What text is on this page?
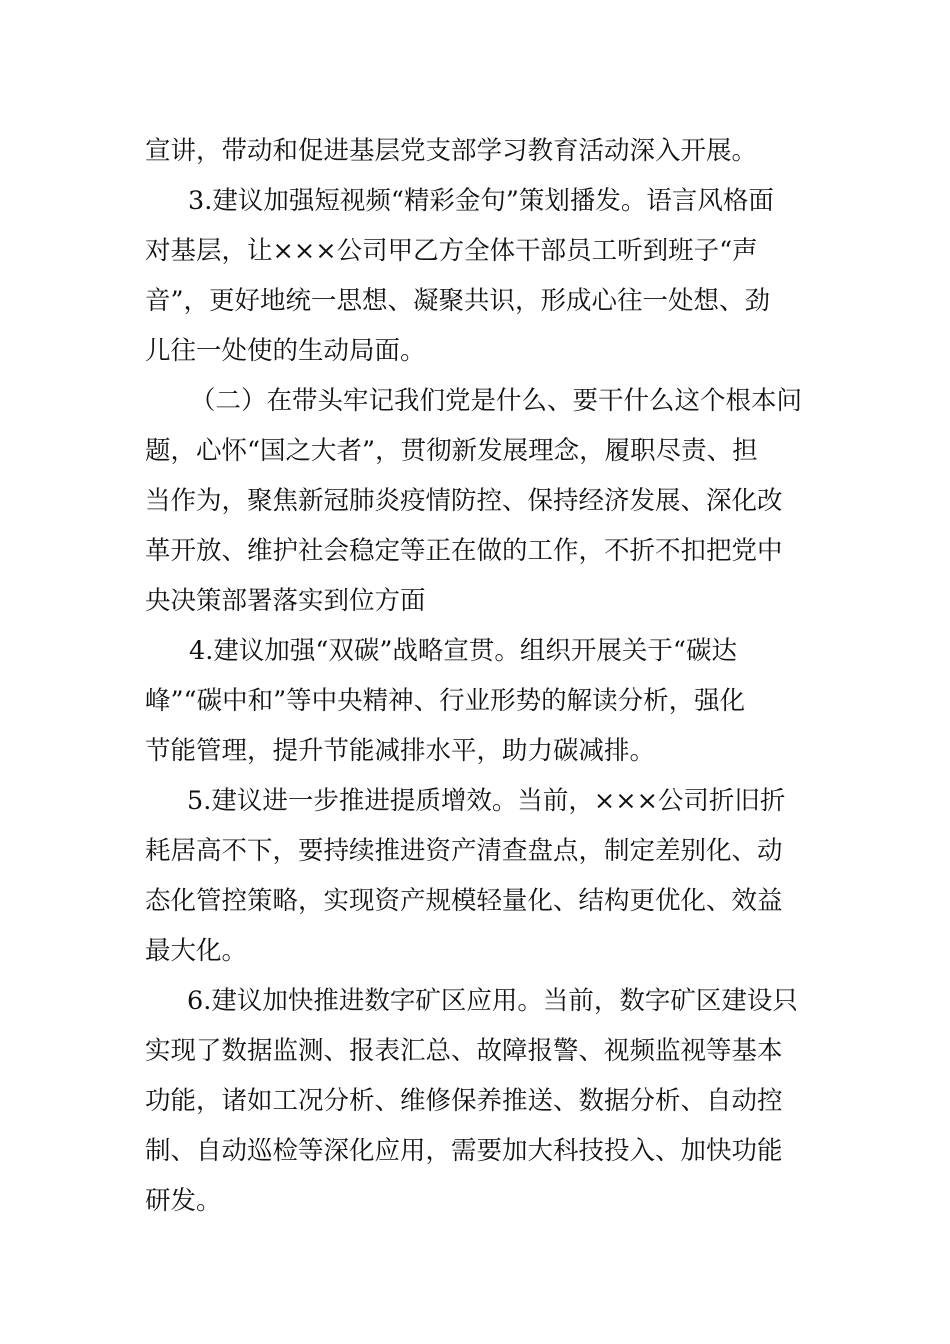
宣讲，带动和促进基层党支部学习教育活动深入开展。
3.建议加强短视频“精彩金句”策划播发。语言风格面
对基层，让×××公司甲乙方全体干部员工听到班子“声
音”，更好地统一思想、凝聚共识，形成心往一处想、劲
儿往一处使的生动局面。
（二）在带头牢记我们党是什么、要干什么这个根本问
题，心怀“国之大者”，贯彻新发展理念，履职尽责、担
当作为，聚焦新冠肺炎疫情防控、保持经济发展、深化改
革开放、维护社会稳定等正在做的工作，不折不扣把党中
央决策部署落实到位方面
4.建议加强“双碳”战略宣贯。组织开展关于“碳达
峰”“碳中和”等中央精神、行业形势的解读分析，强化
节能管理，提升节能减排水平，助力碳减排。
5.建议进一步推进提质增效。当前，×××公司折旧折
耗居高不下，要持续推进资产清查盘点，制定差别化、动
态化管控策略，实现资产规模轻量化、结构更优化、效益
最大化。
6.建议加快推进数字矿区应用。当前，数字矿区建设只
实现了数据监测、报表汇总、故障报警、视频监视等基本
功能，诸如工况分析、维修保养推送、数据分析、自动控
制、自动巡检等深化应用，需要加大科技投入、加快功能
研发。
